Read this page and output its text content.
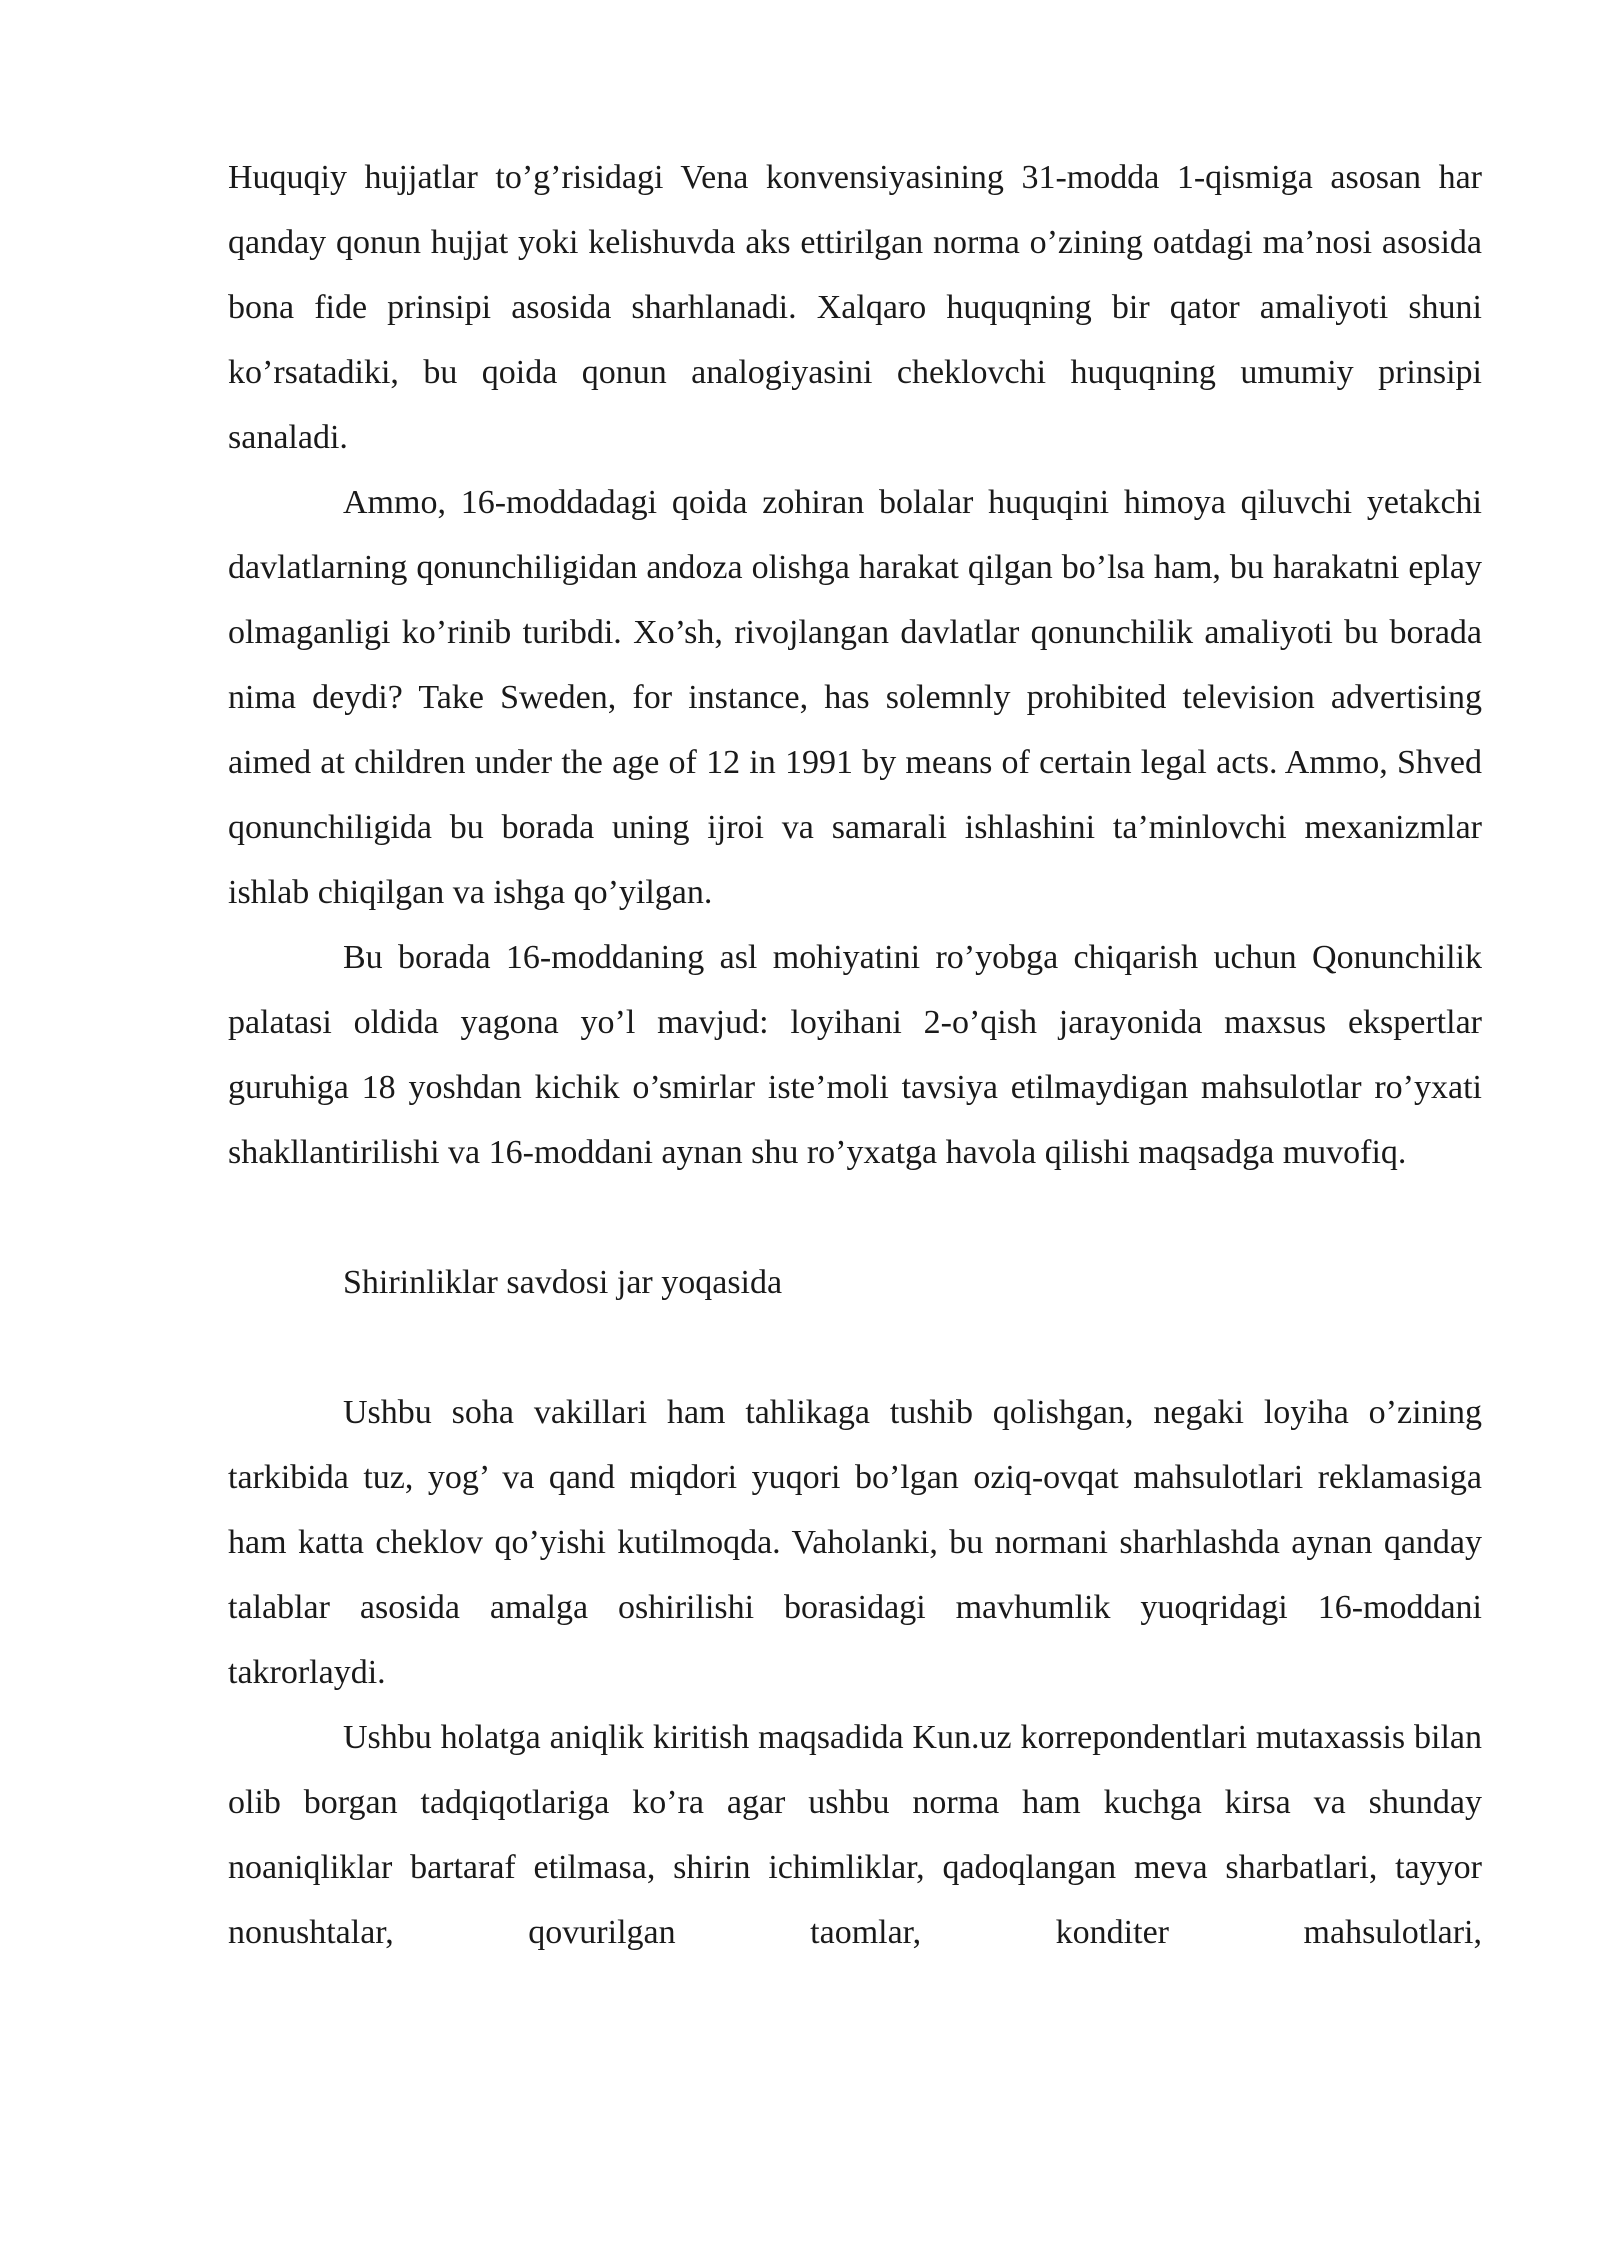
Huquqiy hujjatlar to’g’risidagi Vena konvensiyasining 31-modda 1-qismiga asosan har qanday qonun hujjat yoki kelishuvda aks ettirilgan norma o’zining oatdagi ma’nosi asosida bona fide prinsipi asosida sharhlanadi. Xalqaro huquqning bir qator amaliyoti shuni ko’rsatadiki, bu qoida qonun analogiyasini cheklovchi huquqning umumiy prinsipi sanaladi.

Ammo, 16-moddadagi qoida zohiran bolalar huquqini himoya qiluvchi yetakchi davlatlarning qonunchiligidan andoza olishga harakat qilgan bo’lsa ham, bu harakatni eplay olmaganligi ko’rinib turibdi. Xo’sh, rivojlangan davlatlar qonunchilik amaliyoti bu borada nima deydi? Take Sweden, for instance, has solemnly prohibited television advertising aimed at children under the age of 12 in 1991 by means of certain legal acts. Ammo, Shved qonunchiligida bu borada uning ijroi va samarali ishlashini ta’minlovchi mexanizmlar ishlab chiqilgan va ishga qo’yilgan.

Bu borada 16-moddaning asl mohiyatini ro’yobga chiqarish uchun Qonunchilik palatasi oldida yagona yo’l mavjud: loyihani 2-o’qish jarayonida maxsus ekspertlar guruhiga 18 yoshdan kichik o’smirlar iste’moli tavsiya etilmaydigan mahsulotlar ro’yxati shakllantirilishi va 16-moddani aynan shu ro’yxatga havola qilishi maqsadga muvofiq.

Shirinliklar savdosi jar yoqasida

Ushbu soha vakillari ham tahlikaga tushib qolishgan, negaki loyiha o’zining tarkibida tuz, yog’ va qand miqdori yuqori bo’lgan oziq-ovqat mahsulotlari reklamasiga ham katta cheklov qo’yishi kutilmoqda. Vaholanki, bu normani sharhlashda aynan qanday talablar asosida amalga oshirilishi borasidagi mavhumlik yuoqridagi 16-moddani takrorlaydi.

Ushbu holatga aniqlik kiritish maqsadida Kun.uz korrepondentlari mutaxassis bilan olib borgan tadqiqotlariga ko’ra agar ushbu norma ham kuchga kirsa va shunday noaniqliklar bartaraf etilmasa, shirin ichimliklar, qadoqlangan meva sharbatlari, tayyor nonushtalar, qovurilgan taomlar, konditer mahsulotlari,
